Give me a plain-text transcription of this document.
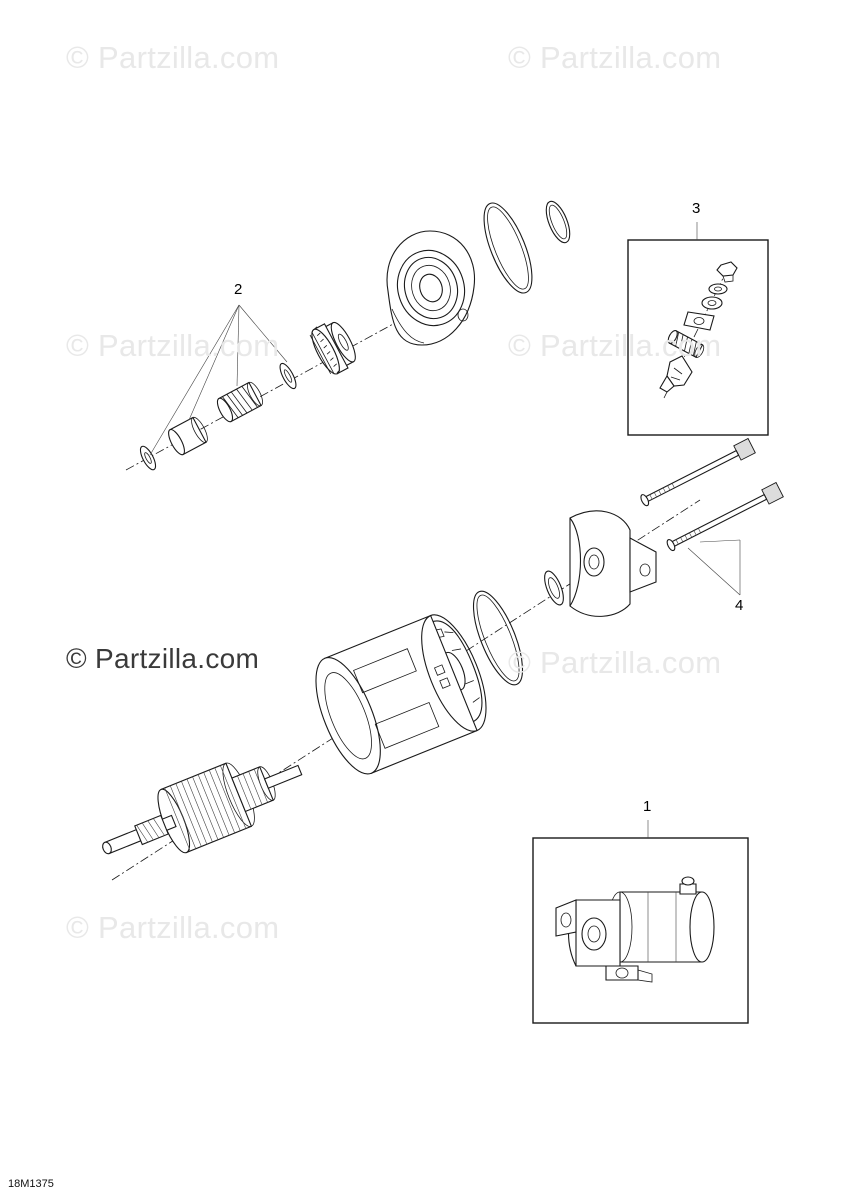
© Partzilla.com	© Partzilla.com
© Partzilla.com	© Partzilla.com
© Partzilla.com
© Partzilla.com
© Partzilla.com
2
3
4
1
18M1375
